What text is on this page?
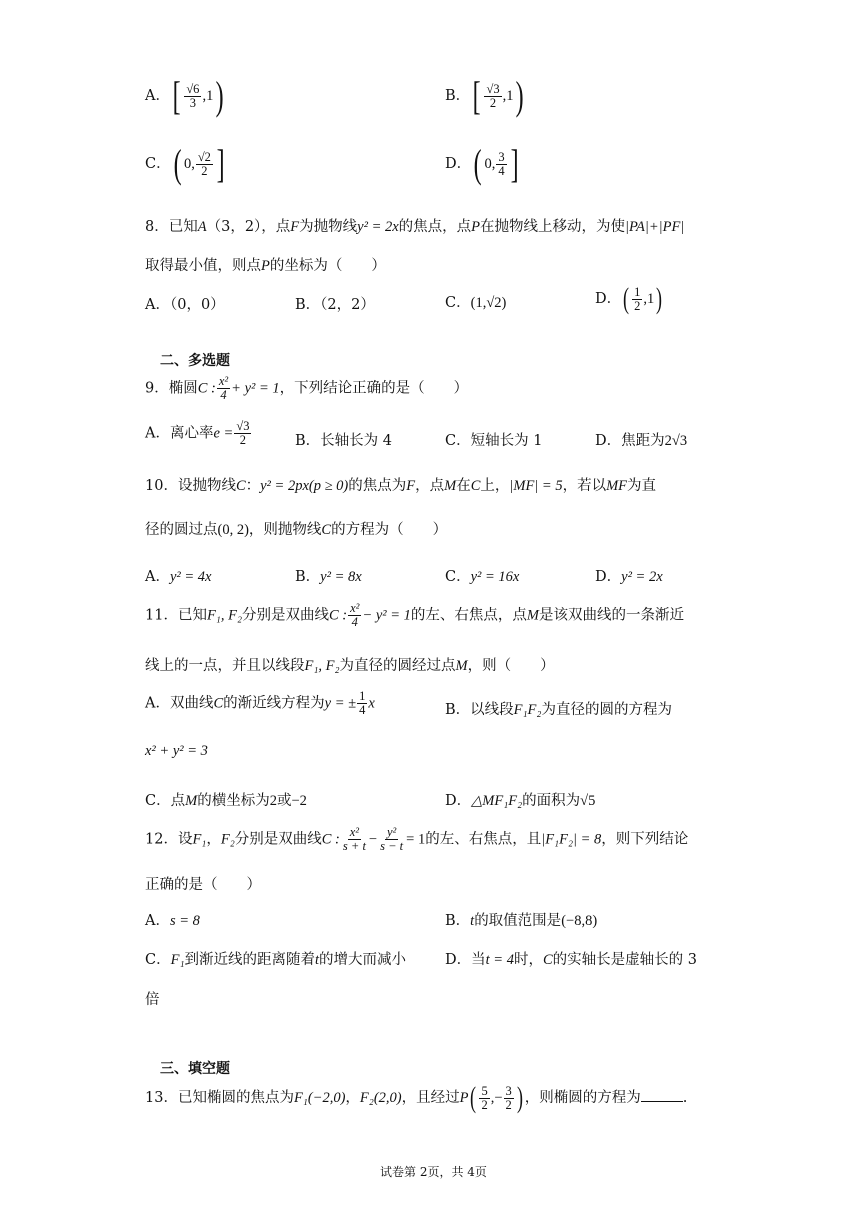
A．[ $\frac{√6}{3} ,1$)	B．[ $\frac{√3}{2} ,1$)
C．( 0, $\frac{√2}{2}$ ]	D．( 0, $\frac{3}{4}$ ]
8．已知A（3，2），点F为抛物线y² = 2x的焦点，点P在抛物线上移动，为使|PA|+|PF|
取得最小值，则点P的坐标为（　　）
A．（0，0）	B．（2，2）	C．(1,√2)	D．( $\frac{1}{2} ,1$)
二、多选题
9．椭圆C : $\frac{\text{x²}}{4} + y^2 = 1$，下列结论正确的是（　　）
A．离心率$e = \frac{√3}{2}$	B．长轴长为 4	C．短轴长为 1	D．焦距为2√3
10．设抛物线C：y² = 2px(p ≥ 0)的焦点为F，点M在C上，|MF| = 5，若以MF为直
径的圆过点(0, 2)，则抛物线C的方程为（　　）
A．y² = 4x	B．y² = 8x	C．y² = 16x	D．y² = 2x
11．已知F₁, F₂分别是双曲线C : $\frac{\text{x²}}{4} - y^2 = 1$的左、右焦点，点M是该双曲线的一条渐近
线上的一点，并且以线段F₁, F₂为直径的圆经过点M，则（　　）
A．双曲线C的渐近线方程为y = ± $\frac{1}{4}$ x	B．以线段F₁F₂为直径的圆的方程为
x² + y² = 3
C．点M的横坐标为2或−2	D．△MF₁F₂的面积为√5
12．设F₁，F₂分别是双曲线C : $\frac{\text{x²}}{s + t} - \frac{\text{y²}}{s - t} = 1$的左、右焦点，且|F₁F₂| = 8，则下列结论
正确的是（　　）
A．s = 8	B．t的取值范围是(−8,8)
C．F₁到渐近线的距离随着t的增大而减小	D．当t = 4时，C的实轴长是虚轴长的 3
倍
三、填空题
13．已知椭圆的焦点为F₁(−2,0)，F₂(2,0)，且经过$P( \frac{5}{2}$ ,− $\frac{3}{2}$ ) ，则椭圆的方程为	.
试卷第 2页，共 4页
